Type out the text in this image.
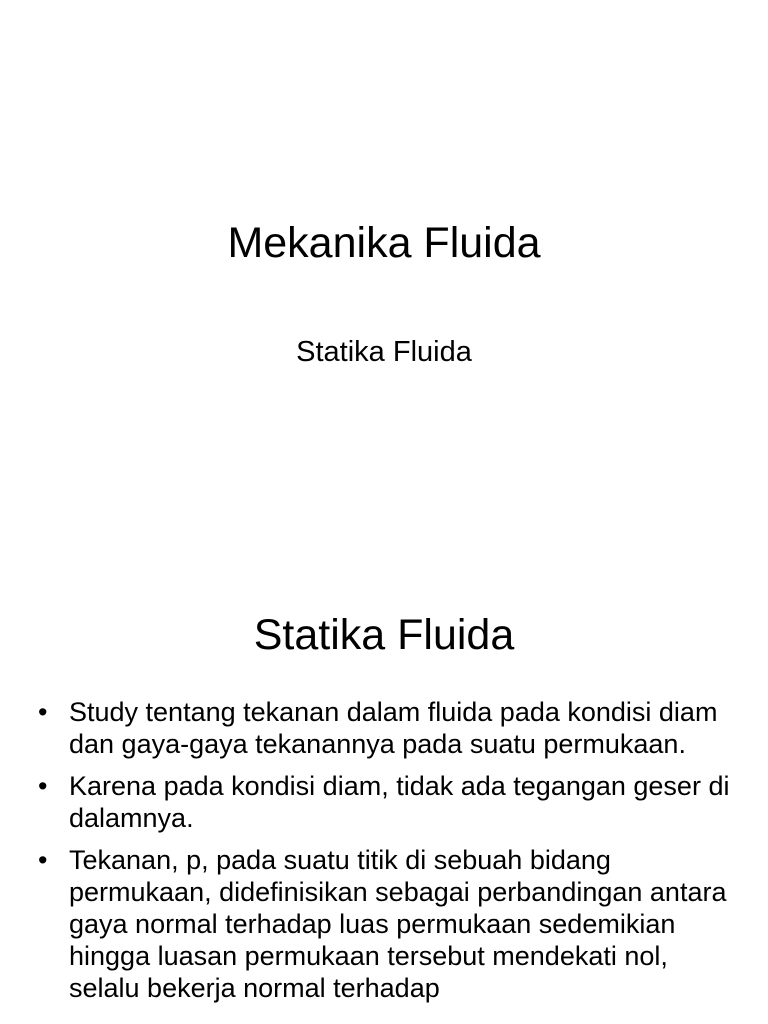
Mekanika Fluida
Statika Fluida
Statika Fluida
• Study tentang tekanan dalam fluida pada kondisi diam dan gaya-gaya tekanannya pada suatu permukaan.
• Karena pada kondisi diam, tidak ada tegangan geser di dalamnya.
• Tekanan, p, pada suatu titik di sebuah bidang permukaan, didefinisikan sebagai perbandingan antara gaya normal terhadap luas permukaan sedemikian hingga luasan permukaan tersebut mendekati nol, selalu bekerja normal terhadap
